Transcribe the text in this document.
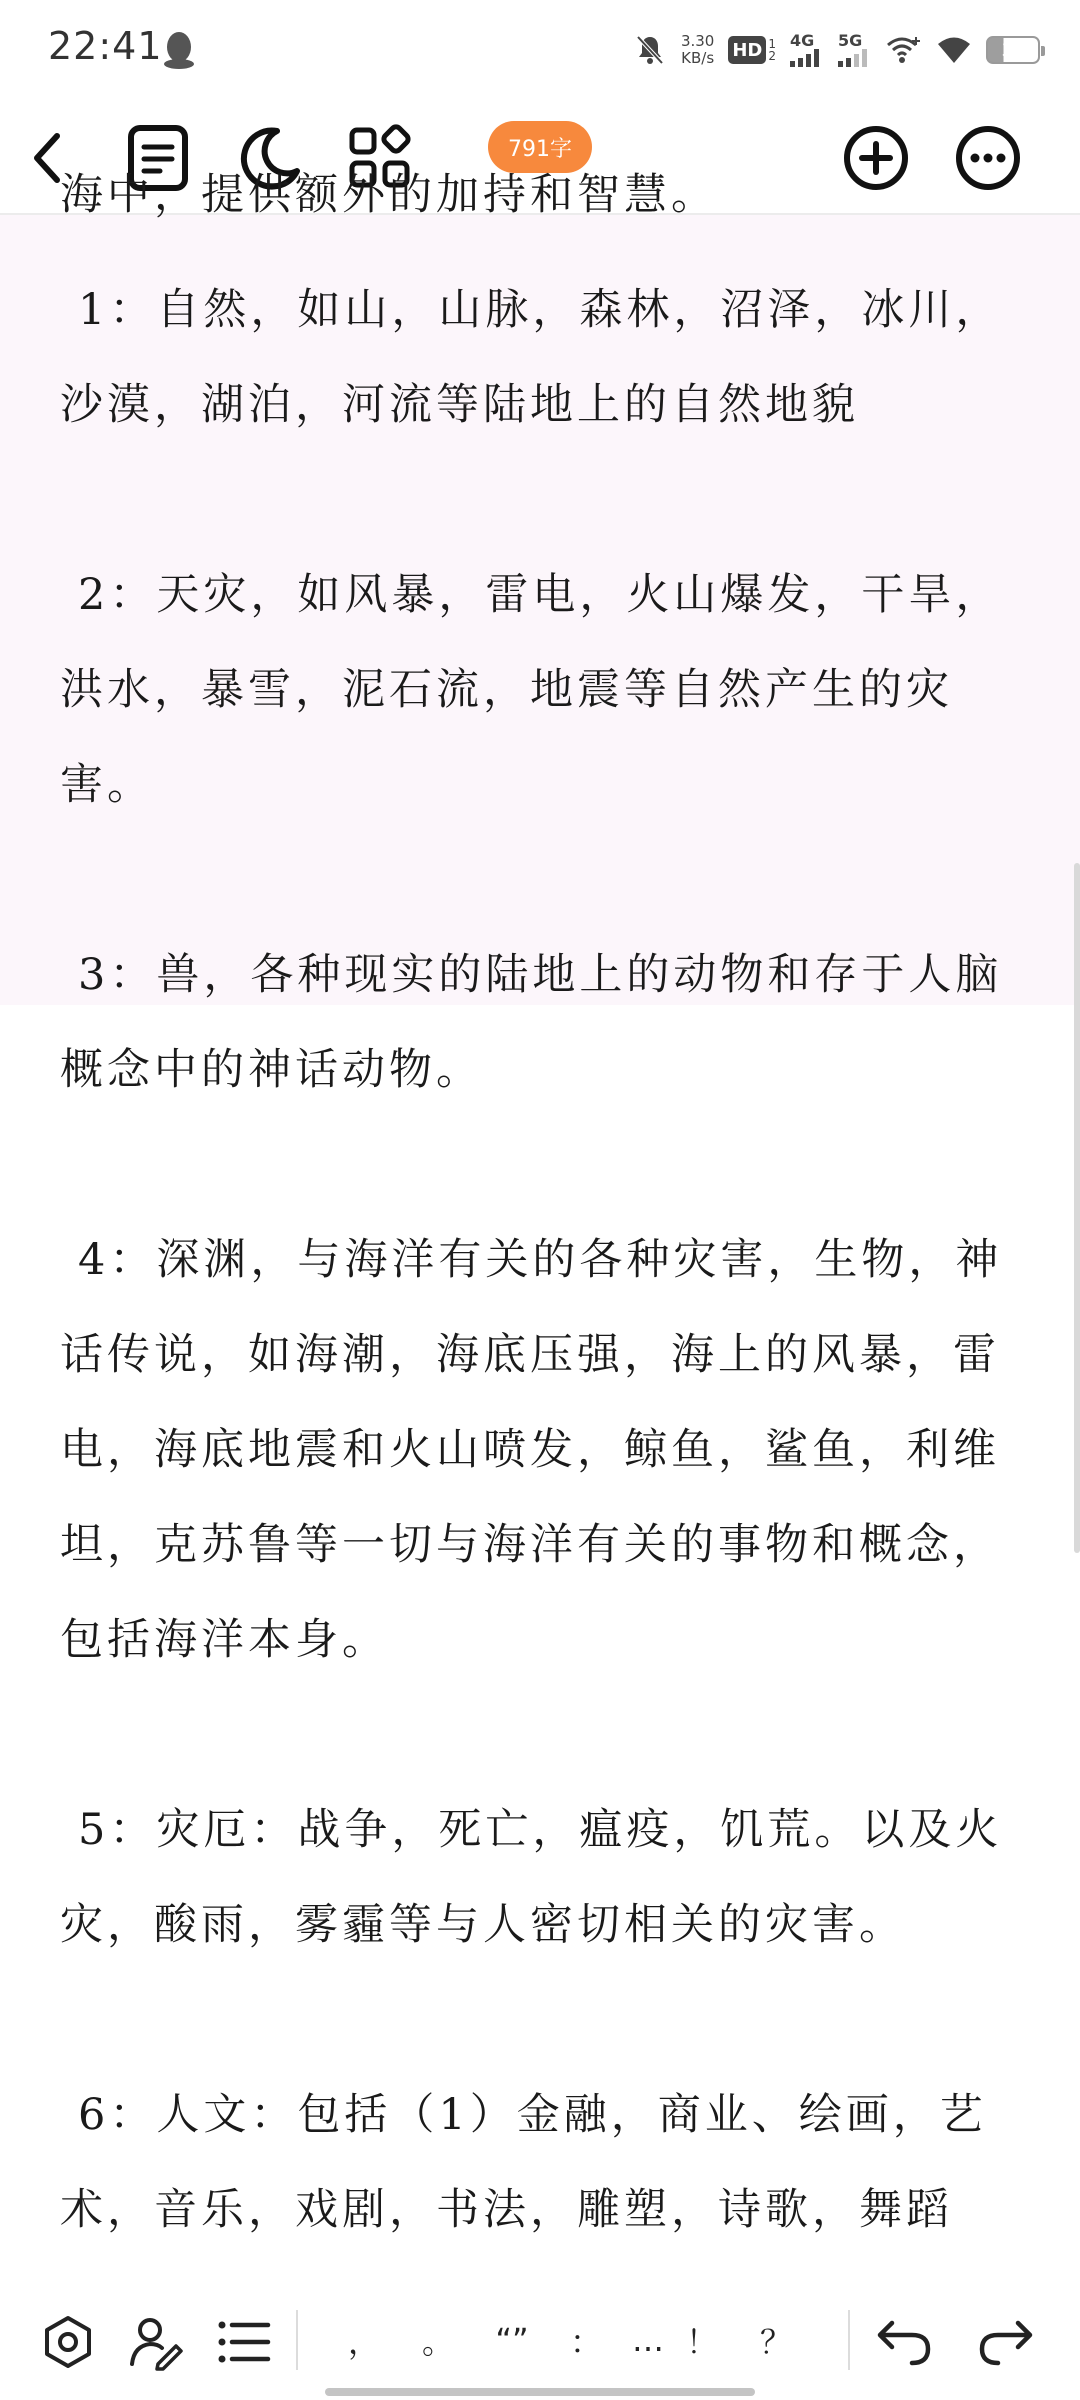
22:41	3.30
KB/s HD 1
2
4G 5G	31
791字

海中，提供额外的加持和智慧。

1：自然，如山，山脉，森林，沼泽，冰川，沙漠，湖泊，河流等陆地上的自然地貌

2：天灾，如风暴，雷电，火山爆发，干旱，洪水，暴雪，泥石流，地震等自然产生的灾害。

3：兽，各种现实的陆地上的动物和存于人脑概念中的神话动物。

4：深渊，与海洋有关的各种灾害，生物，神话传说，如海潮，海底压强，海上的风暴，雷电，海底地震和火山喷发，鲸鱼，鲨鱼，利维坦，克苏鲁等一切与海洋有关的事物和概念，包括海洋本身。

5：灾厄：战争，死亡，瘟疫，饥荒。以及火灾，酸雨，雾霾等与人密切相关的灾害。

6：人文：包括（1）金融，商业、绘画，艺术，音乐，戏剧，书法，雕塑，诗歌，舞蹈

，	。	“”	： … ！	？
